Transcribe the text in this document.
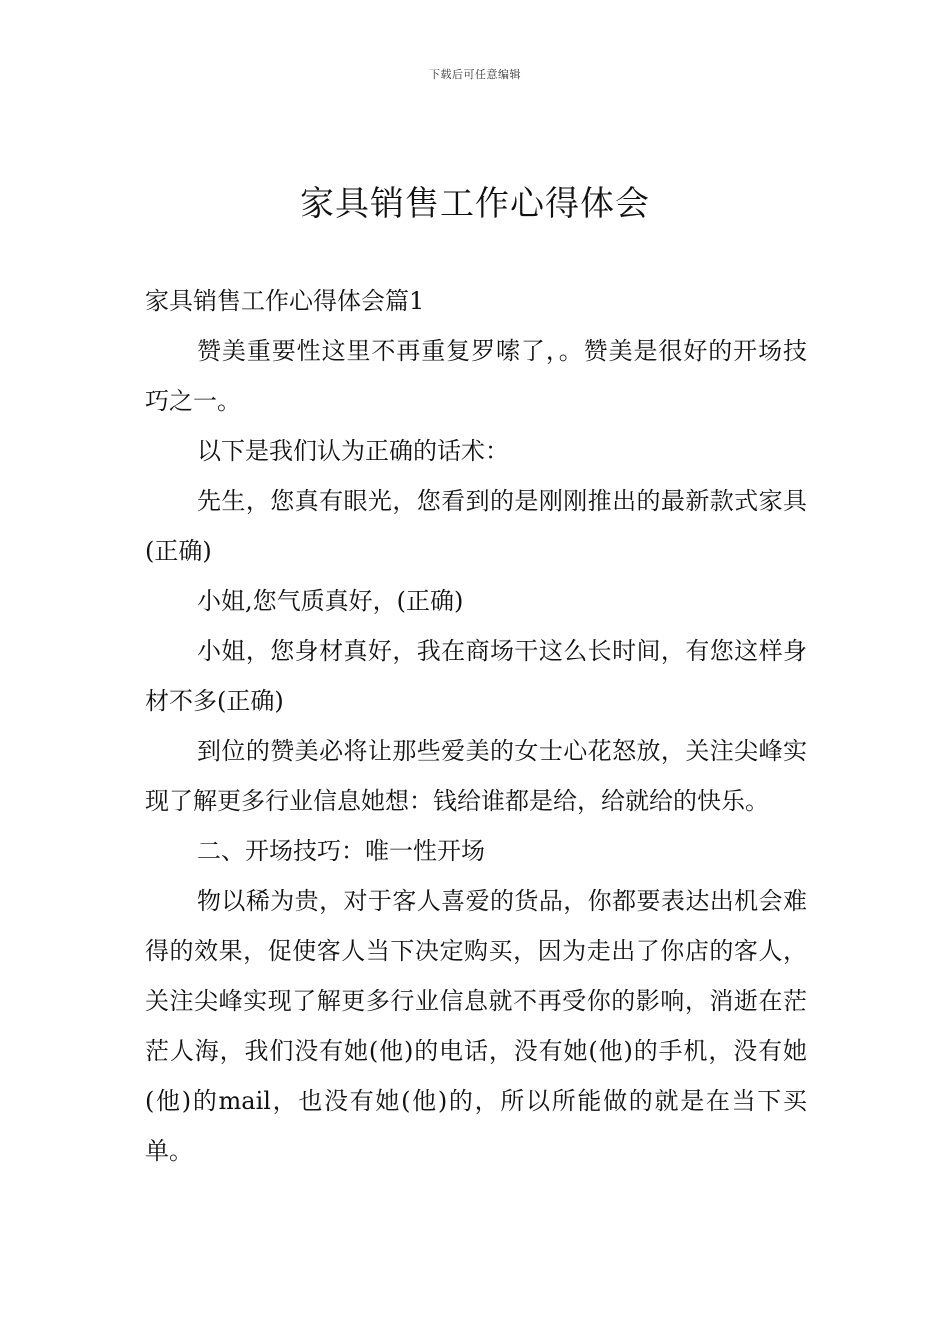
下载后可任意编辑
家具销售工作心得体会

家具销售工作心得体会篇1

赞美重要性这里不再重复罗嗦了，。赞美是很好的开场技巧之一。

以下是我们认为正确的话术：

先生，您真有眼光，您看到的是刚刚推出的最新款式家具(正确)

小姐,您气质真好，(正确)

小姐，您身材真好，我在商场干这么长时间，有您这样身材不多(正确)

到位的赞美必将让那些爱美的女士心花怒放，关注尖峰实现了解更多行业信息她想：钱给谁都是给，给就给的快乐。

二、开场技巧：唯一性开场

物以稀为贵，对于客人喜爱的货品，你都要表达出机会难得的效果，促使客人当下决定购买，因为走出了你店的客人，关注尖峰实现了解更多行业信息就不再受你的影响，消逝在茫茫人海，我们没有她(他)的电话，没有她(他)的手机，没有她(他)的mail，也没有她(他)的，所以所能做的就是在当下买单。
